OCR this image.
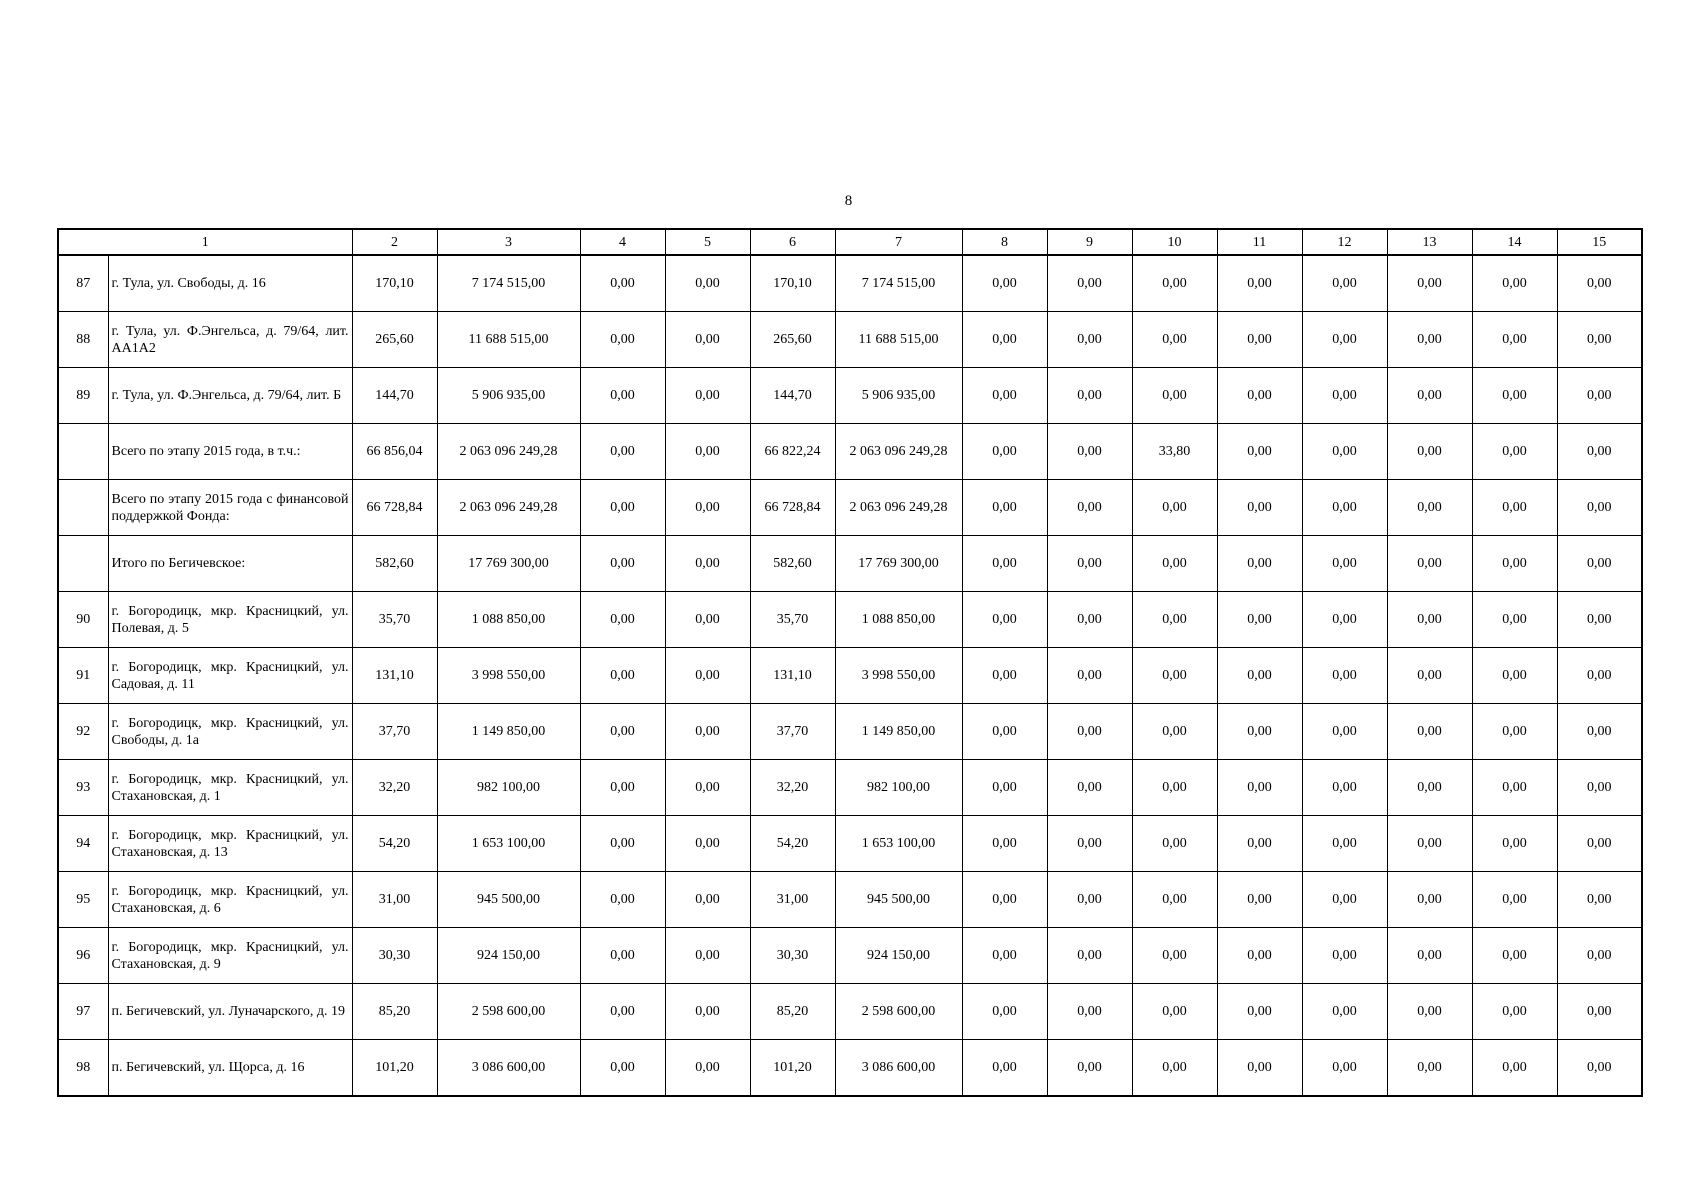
8
1		2	3	4	5	6	7	8	9	10	11	12	13	14	15
87	г. Тула, ул. Свободы, д. 16	170,10	7 174 515,00	0,00	0,00	170,10	7 174 515,00	0,00	0,00	0,00	0,00	0,00	0,00	0,00	0,00
88	г. Тула, ул. Ф.Энгельса, д. 79/64, лит. АА1А2	265,60	11 688 515,00	0,00	0,00	265,60	11 688 515,00	0,00	0,00	0,00	0,00	0,00	0,00	0,00	0,00
89	г. Тула, ул. Ф.Энгельса, д. 79/64, лит. Б	144,70	5 906 935,00	0,00	0,00	144,70	5 906 935,00	0,00	0,00	0,00	0,00	0,00	0,00	0,00	0,00
	Всего по этапу 2015 года, в т.ч.:	66 856,04	2 063 096 249,28	0,00	0,00	66 822,24	2 063 096 249,28	0,00	0,00	33,80	0,00	0,00	0,00	0,00	0,00
	Всего по этапу 2015 года с финансовой поддержкой Фонда:	66 728,84	2 063 096 249,28	0,00	0,00	66 728,84	2 063 096 249,28	0,00	0,00	0,00	0,00	0,00	0,00	0,00	0,00
	Итого по Бегичевское:	582,60	17 769 300,00	0,00	0,00	582,60	17 769 300,00	0,00	0,00	0,00	0,00	0,00	0,00	0,00	0,00
90	г. Богородицк, мкр. Красницкий, ул. Полевая, д. 5	35,70	1 088 850,00	0,00	0,00	35,70	1 088 850,00	0,00	0,00	0,00	0,00	0,00	0,00	0,00	0,00
91	г. Богородицк, мкр. Красницкий, ул. Садовая, д. 11	131,10	3 998 550,00	0,00	0,00	131,10	3 998 550,00	0,00	0,00	0,00	0,00	0,00	0,00	0,00	0,00
92	г. Богородицк, мкр. Красницкий, ул. Свободы, д. 1а	37,70	1 149 850,00	0,00	0,00	37,70	1 149 850,00	0,00	0,00	0,00	0,00	0,00	0,00	0,00	0,00
93	г. Богородицк, мкр. Красницкий, ул. Стахановская, д. 1	32,20	982 100,00	0,00	0,00	32,20	982 100,00	0,00	0,00	0,00	0,00	0,00	0,00	0,00	0,00
94	г. Богородицк, мкр. Красницкий, ул. Стахановская, д. 13	54,20	1 653 100,00	0,00	0,00	54,20	1 653 100,00	0,00	0,00	0,00	0,00	0,00	0,00	0,00	0,00
95	г. Богородицк, мкр. Красницкий, ул. Стахановская, д. 6	31,00	945 500,00	0,00	0,00	31,00	945 500,00	0,00	0,00	0,00	0,00	0,00	0,00	0,00	0,00
96	г. Богородицк, мкр. Красницкий, ул. Стахановская, д. 9	30,30	924 150,00	0,00	0,00	30,30	924 150,00	0,00	0,00	0,00	0,00	0,00	0,00	0,00	0,00
97	п. Бегичевский, ул. Луначарского, д. 19	85,20	2 598 600,00	0,00	0,00	85,20	2 598 600,00	0,00	0,00	0,00	0,00	0,00	0,00	0,00	0,00
98	п. Бегичевский, ул. Щорса, д. 16	101,20	3 086 600,00	0,00	0,00	101,20	3 086 600,00	0,00	0,00	0,00	0,00	0,00	0,00	0,00	0,00
